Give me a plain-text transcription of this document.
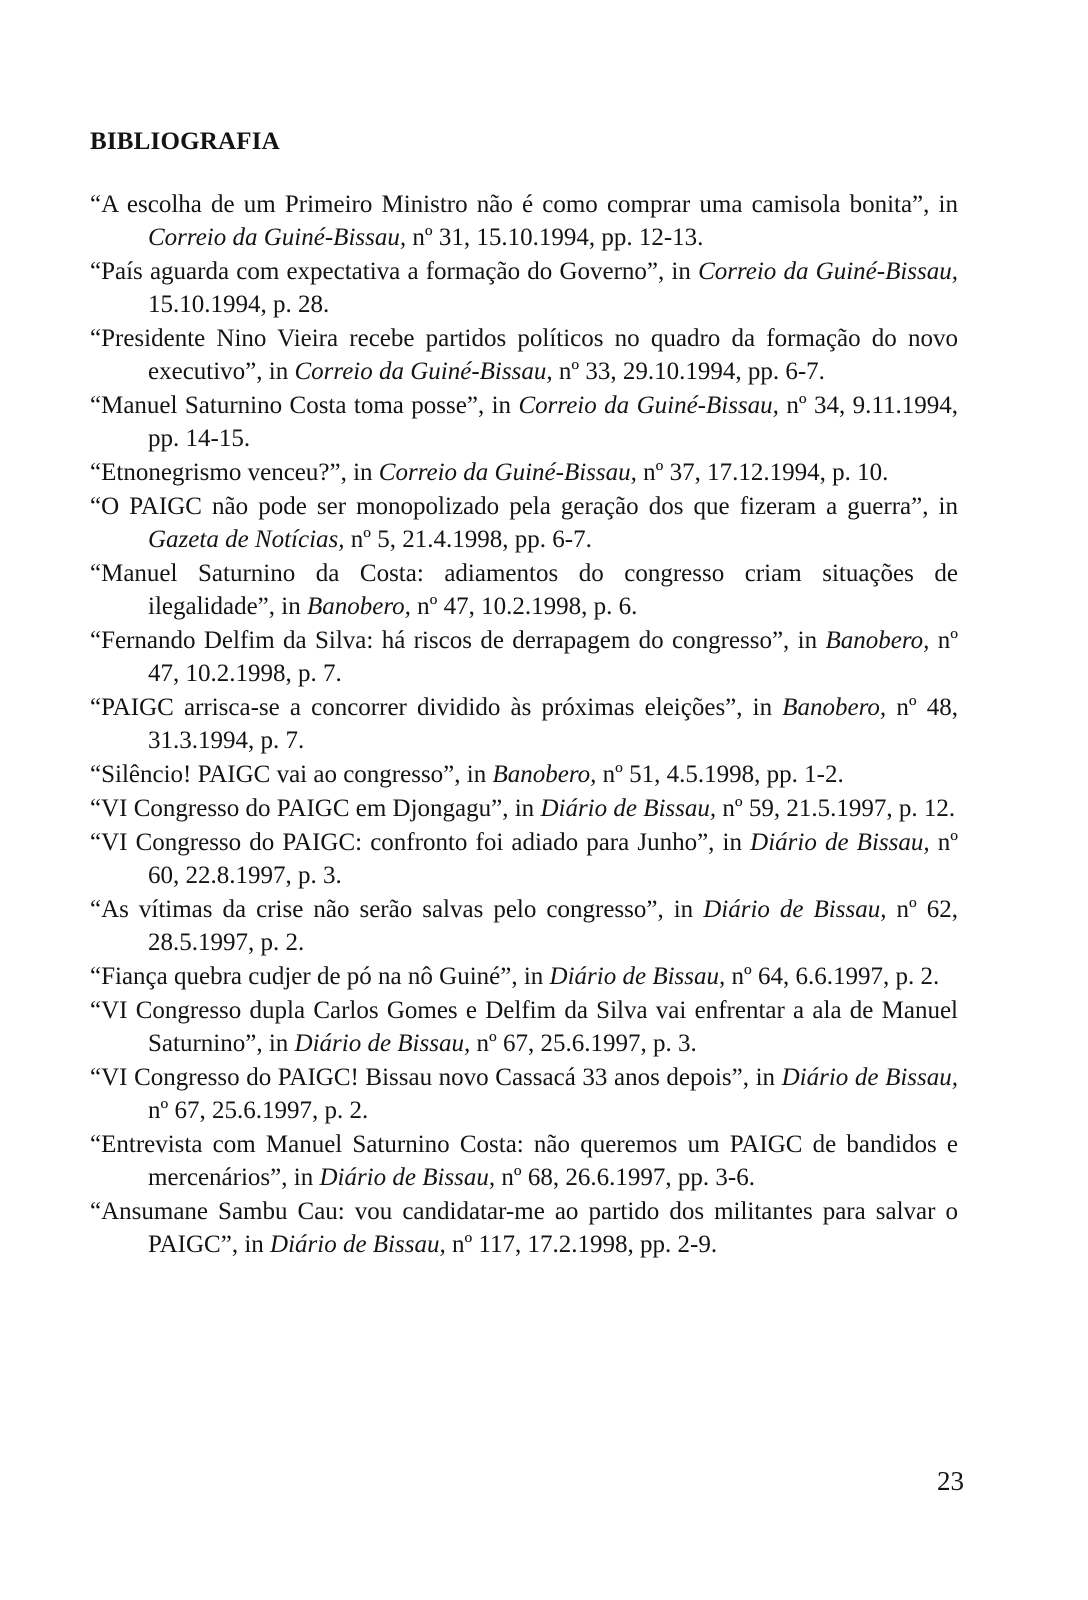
BIBLIOGRAFIA
“A escolha de um Primeiro Ministro não é como comprar uma camisola bonita”, in Correio da Guiné-Bissau, nº 31, 15.10.1994, pp. 12-13.
“País aguarda com expectativa a formação do Governo”, in Correio da Guiné-Bissau, 15.10.1994, p. 28.
“Presidente Nino Vieira recebe partidos políticos no quadro da formação do novo executivo”, in Correio da Guiné-Bissau, nº 33, 29.10.1994, pp. 6-7.
“Manuel Saturnino Costa toma posse”, in Correio da Guiné-Bissau, nº 34, 9.11.1994, pp. 14-15.
“Etnonegrismo venceu?”, in Correio da Guiné-Bissau, nº 37, 17.12.1994, p. 10.
“O PAIGC não pode ser monopolizado pela geração dos que fizeram a guerra”, in Gazeta de Notícias, nº 5, 21.4.1998, pp. 6-7.
“Manuel Saturnino da Costa: adiamentos do congresso criam situações de ilegalidade”, in Banobero, nº 47, 10.2.1998, p. 6.
“Fernando Delfim da Silva: há riscos de derrapagem do congresso”, in Banobero, nº 47, 10.2.1998, p. 7.
“PAIGC arrisca-se a concorrer dividido às próximas eleições”, in Banobero, nº 48, 31.3.1994, p. 7.
“Silêncio! PAIGC vai ao congresso”, in Banobero, nº 51, 4.5.1998, pp. 1-2.
“VI Congresso do PAIGC em Djongagu”, in Diário de Bissau, nº 59, 21.5.1997, p. 12.
“VI Congresso do PAIGC: confronto foi adiado para Junho”, in Diário de Bissau, nº 60, 22.8.1997, p. 3.
“As vítimas da crise não serão salvas pelo congresso”, in Diário de Bissau, nº 62, 28.5.1997, p. 2.
“Fiança quebra cudjer de pó na nô Guiné”, in Diário de Bissau, nº 64, 6.6.1997, p. 2.
“VI Congresso dupla Carlos Gomes e Delfim da Silva vai enfrentar a ala de Manuel Saturnino”, in Diário de Bissau, nº 67, 25.6.1997, p. 3.
“VI Congresso do PAIGC! Bissau novo Cassacá 33 anos depois”, in Diário de Bissau, nº 67, 25.6.1997, p. 2.
“Entrevista com Manuel Saturnino Costa: não queremos um PAIGC de bandidos e mercenários”, in Diário de Bissau, nº 68, 26.6.1997, pp. 3-6.
“Ansumane Sambu Cau: vou candidatar-me ao partido dos militantes para salvar o PAIGC”, in Diário de Bissau, nº 117, 17.2.1998, pp. 2-9.
23
